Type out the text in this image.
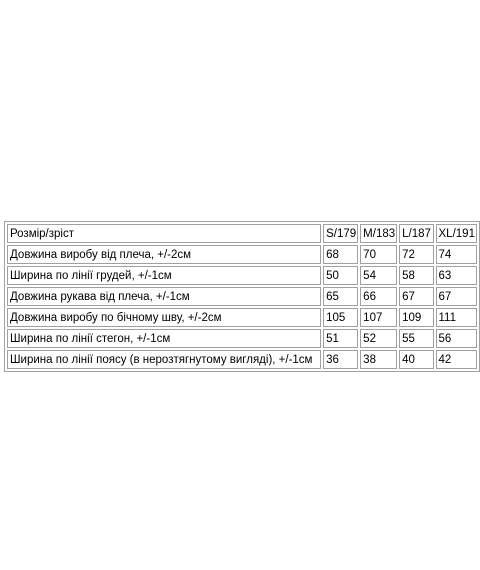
Розмір/зріст	S/179	M/183	L/187	XL/191
Довжина виробу від плеча, +/-2см	68	70	72	74
Ширина по лінії грудей, +/-1см	50	54	58	63
Довжина рукава від плеча, +/-1см	65	66	67	67
Довжина виробу по бічному шву, +/-2см	105	107	109	111
Ширина по лінії стегон, +/-1см	51	52	55	56
Ширина по лінії поясу (в нерозтягнутому вигляді), +/-1см	36	38	40	42
